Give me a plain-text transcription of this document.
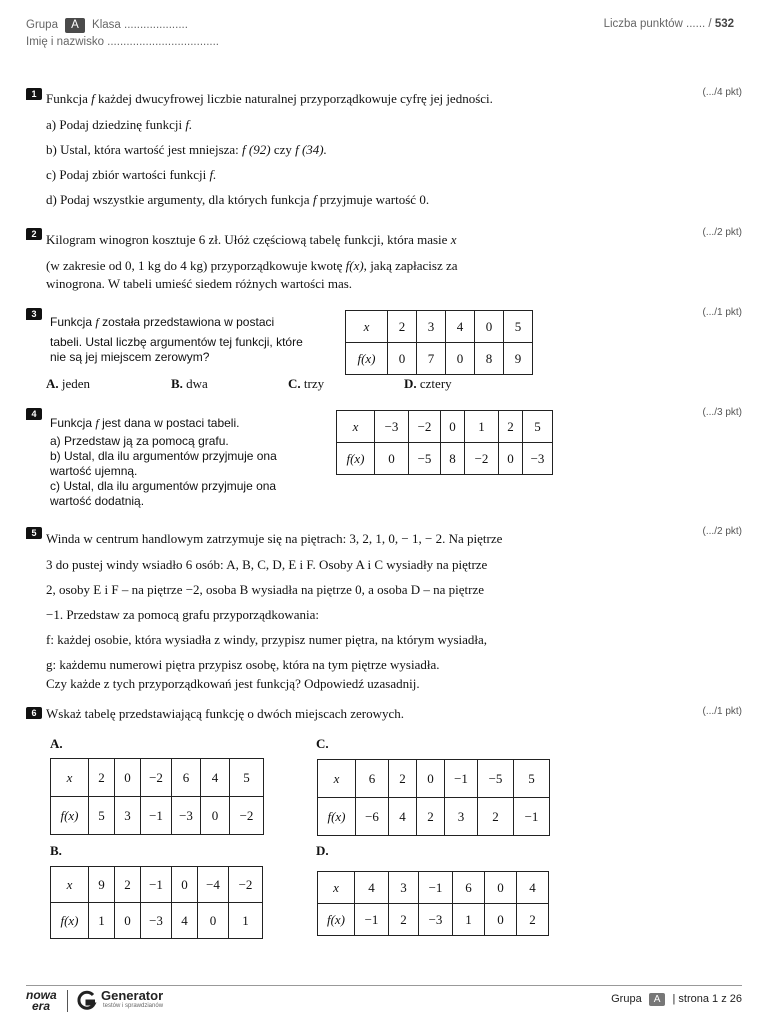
Grupa A Klasa ....................
Imię i nazwisko ...................................
Liczba punktów ...... / 532
1	(.../4 pkt)
Funkcja f każdej dwucyfrowej liczbie naturalnej przyporządkowuje cyfrę jej jedności.
a) Podaj dziedzinę funkcji f.
b) Ustal, która wartość jest mniejsza: f (92) czy f (34).
c) Podaj zbiór wartości funkcji f.
d) Podaj wszystkie argumenty, dla których funkcja f przyjmuje wartość 0.
2	(.../2 pkt)
Kilogram winogron kosztuje 6 zł. Ułóż częściową tabelę funkcji, która masie x
(w zakresie od 0, 1 kg do 4 kg) przyporządkowuje kwotę f(x), jaką zapłacisz za
winogrona. W tabeli umieść siedem różnych wartości mas.
3	(.../1 pkt)
Funkcja f została przedstawiona w postaci
tabeli. Ustal liczbę argumentów tej funkcji, które
nie są jej miejscem zerowym?
x	2	3	4	0	5
f(x)	0	7	0	8	9
A. jeden	B. dwa	C. trzy	D. cztery
4	(.../3 pkt)
Funkcja f jest dana w postaci tabeli.
a) Przedstaw ją za pomocą grafu.
b) Ustal, dla ilu argumentów przyjmuje ona
wartość ujemną.
c) Ustal, dla ilu argumentów przyjmuje ona
wartość dodatnią.
x	−3	−2	0	1	2	5
f(x)	0	−5	8	−2	0	−3
5	(.../2 pkt)
Winda w centrum handlowym zatrzymuje się na piętrach: 3, 2, 1, 0, − 1, − 2. Na piętrze
3 do pustej windy wsiadło 6 osób: A, B, C, D, E i F. Osoby A i C wysiadły na piętrze
2, osoby E i F – na piętrze −2, osoba B wysiadła na piętrze 0, a osoba D – na piętrze
−1. Przedstaw za pomocą grafu przyporządkowania:
f: każdej osobie, która wysiadła z windy, przypisz numer piętra, na którym wysiadła,
g: każdemu numerowi piętra przypisz osobę, która na tym piętrze wysiadła.
Czy każde z tych przyporządkowań jest funkcją? Odpowiedź uzasadnij.
6	(.../1 pkt)
Wskaż tabelę przedstawiającą funkcję o dwóch miejscach zerowych.
A.
x	2	0	−2	6	4	5
f(x)	5	3	−1	−3	0	−2
B.
x	9	2	−1	0	−4	−2
f(x)	1	0	−3	4	0	1
C.
x	6	2	0	−1	−5	5
f(x)	−6	4	2	3	2	−1
D.
x	4	3	−1	6	0	4
f(x)	−1	2	−3	1	0	2
nowa
era
Generator
testów i sprawdzianów
Grupa A | strona 1 z 26
